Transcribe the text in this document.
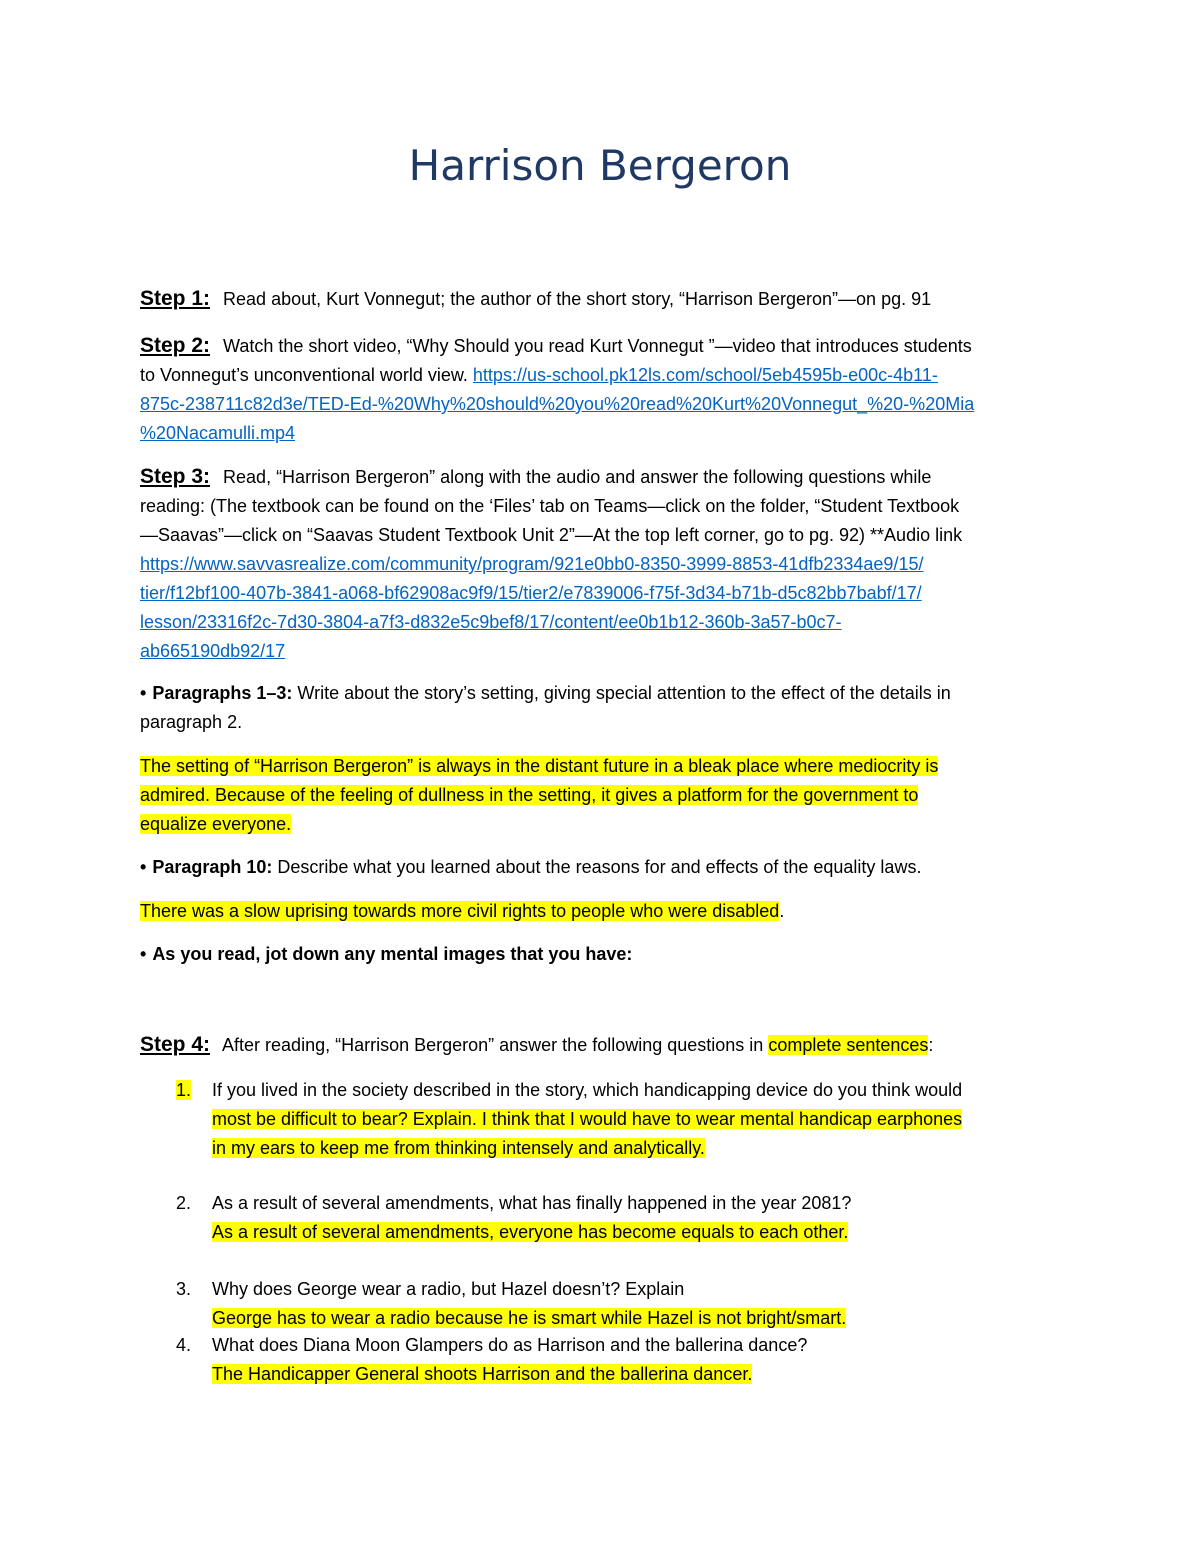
Harrison Bergeron
Step 1: Read about, Kurt Vonnegut; the author of the short story, “Harrison Bergeron”—on pg. 91
Step 2: Watch the short video, “Why Should you read Kurt Vonnegut ”—video that introduces students
to Vonnegut’s unconventional world view. https://us-school.pk12ls.com/school/5eb4595b-e00c-4b11-
875c-238711c82d3e/TED-Ed-%20Why%20should%20you%20read%20Kurt%20Vonnegut_%20-%20Mia
%20Nacamulli.mp4
Step 3: Read, “Harrison Bergeron” along with the audio and answer the following questions while
reading: (The textbook can be found on the ‘Files’ tab on Teams—click on the folder, “Student Textbook
—Saavas”—click on “Saavas Student Textbook Unit 2”—At the top left corner, go to pg. 92) **Audio link
https://www.savvasrealize.com/community/program/921e0bb0-8350-3999-8853-41dfb2334ae9/15/
tier/f12bf100-407b-3841-a068-bf62908ac9f9/15/tier2/e7839006-f75f-3d34-b71b-d5c82bb7babf/17/
lesson/23316f2c-7d30-3804-a7f3-d832e5c9bef8/17/content/ee0b1b12-360b-3a57-b0c7-
ab665190db92/17
• Paragraphs 1–3: Write about the story’s setting, giving special attention to the effect of the details in
paragraph 2.
The setting of “Harrison Bergeron” is always in the distant future in a bleak place where mediocrity is
admired. Because of the feeling of dullness in the setting, it gives a platform for the government to
equalize everyone.
• Paragraph 10: Describe what you learned about the reasons for and effects of the equality laws.
There was a slow uprising towards more civil rights to people who were disabled.
• As you read, jot down any mental images that you have:
Step 4: After reading, “Harrison Bergeron” answer the following questions in complete sentences:
1.	If you lived in the society described in the story, which handicapping device do you think would
most be difficult to bear? Explain. I think that I would have to wear mental handicap earphones
in my ears to keep me from thinking intensely and analytically.
2.	As a result of several amendments, what has finally happened in the year 2081?
As a result of several amendments, everyone has become equals to each other.
3.	Why does George wear a radio, but Hazel doesn’t? Explain
George has to wear a radio because he is smart while Hazel is not bright/smart.
4.	What does Diana Moon Glampers do as Harrison and the ballerina dance?
The Handicapper General shoots Harrison and the ballerina dancer.
